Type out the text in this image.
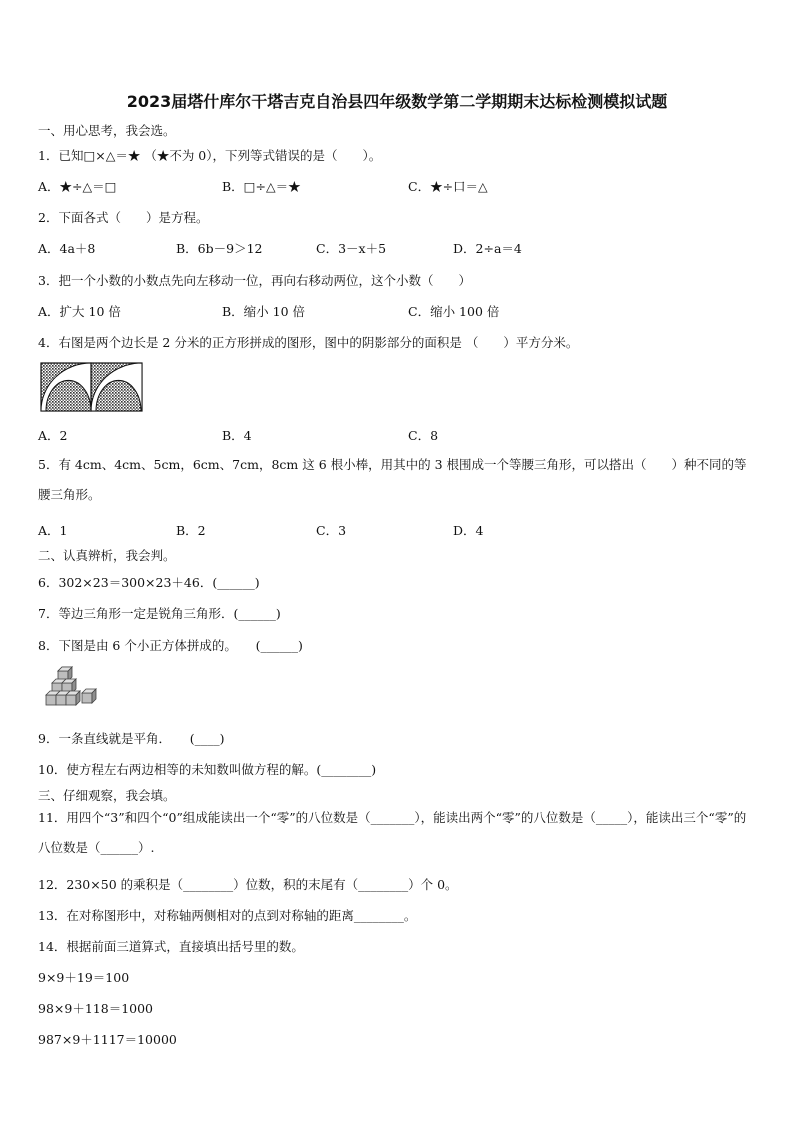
2023届塔什库尔干塔吉克自治县四年级数学第二学期期末达标检测模拟试题
一、用心思考，我会选。
1．已知□×△＝★ （★不为 0），下列等式错误的是（　　）。
A．★÷△＝□	B．□÷△＝★	C．★÷口＝△
2．下面各式（　　）是方程。
A．4a＋8	B．6b－9＞12	C．3－x＋5	D．2÷a＝4
3．把一个小数的小数点先向左移动一位，再向右移动两位，这个小数（　　）
A．扩大 10 倍	B．缩小 10 倍	C．缩小 100 倍
4．右图是两个边长是 2 分米的正方形拼成的图形，图中的阴影部分的面积是 （　　）平方分米。
A．2	B．4	C．8
5．有 4cm、4cm、5cm，6cm、7cm，8cm 这 6 根小棒，用其中的 3 根围成一个等腰三角形，可以搭出（　　）种不同的等腰三角形。
A．1	B．2	C．3	D．4
二、认真辨析，我会判。
6．302×23＝300×23＋46．(______)
7．等边三角形一定是锐角三角形．(______)
8．下图是由 6 个小正方体拼成的。　　(______)
9．一条直线就是平角．　　(____)
10．使方程左右两边相等的未知数叫做方程的解。(________)
三、仔细观察，我会填。
11．用四个“3”和四个“0”组成能读出一个“零”的八位数是（_______），能读出两个“零”的八位数是（_____），能读出三个“零”的八位数是（______）.
12．230×50 的乘积是（________）位数，积的末尾有（________）个 0。
13．在对称图形中，对称轴两侧相对的点到对称轴的距离________。
14．根据前面三道算式，直接填出括号里的数。
9×9＋19＝100
98×9＋118＝1000
987×9＋1117＝10000
